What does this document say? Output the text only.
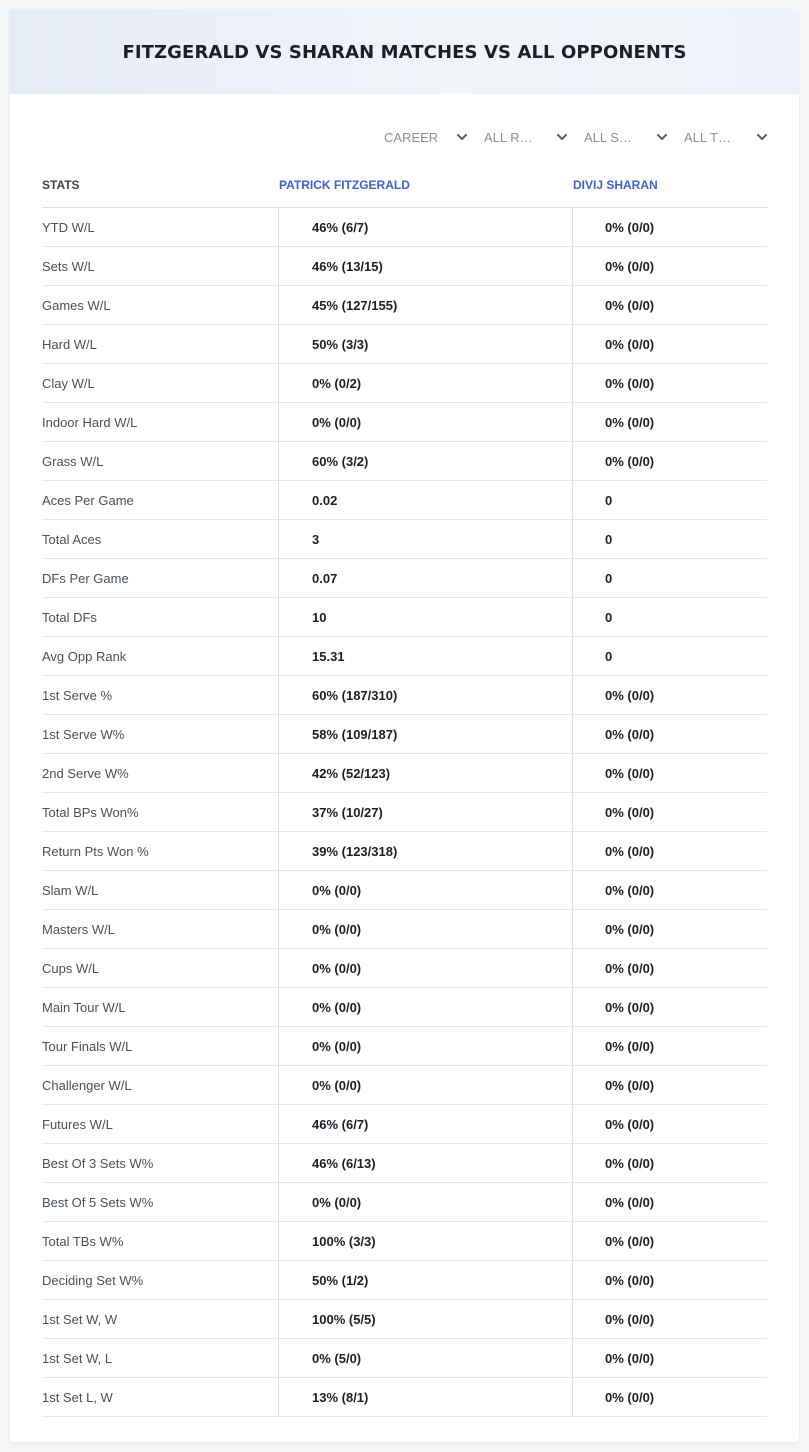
FITZGERALD VS SHARAN MATCHES VS ALL OPPONENTS
CAREER	ALL R…	ALL S…	ALL T…
STATS	PATRICK FITZGERALD	DIVIJ SHARAN
YTD W/L	46% (6/7)	0% (0/0)
Sets W/L	46% (13/15)	0% (0/0)
Games W/L	45% (127/155)	0% (0/0)
Hard W/L	50% (3/3)	0% (0/0)
Clay W/L	0% (0/2)	0% (0/0)
Indoor Hard W/L	0% (0/0)	0% (0/0)
Grass W/L	60% (3/2)	0% (0/0)
Aces Per Game	0.02	0
Total Aces	3	0
DFs Per Game	0.07	0
Total DFs	10	0
Avg Opp Rank	15.31	0
1st Serve %	60% (187/310)	0% (0/0)
1st Serve W%	58% (109/187)	0% (0/0)
2nd Serve W%	42% (52/123)	0% (0/0)
Total BPs Won%	37% (10/27)	0% (0/0)
Return Pts Won %	39% (123/318)	0% (0/0)
Slam W/L	0% (0/0)	0% (0/0)
Masters W/L	0% (0/0)	0% (0/0)
Cups W/L	0% (0/0)	0% (0/0)
Main Tour W/L	0% (0/0)	0% (0/0)
Tour Finals W/L	0% (0/0)	0% (0/0)
Challenger W/L	0% (0/0)	0% (0/0)
Futures W/L	46% (6/7)	0% (0/0)
Best Of 3 Sets W%	46% (6/13)	0% (0/0)
Best Of 5 Sets W%	0% (0/0)	0% (0/0)
Total TBs W%	100% (3/3)	0% (0/0)
Deciding Set W%	50% (1/2)	0% (0/0)
1st Set W, W	100% (5/5)	0% (0/0)
1st Set W, L	0% (5/0)	0% (0/0)
1st Set L, W	13% (8/1)	0% (0/0)
